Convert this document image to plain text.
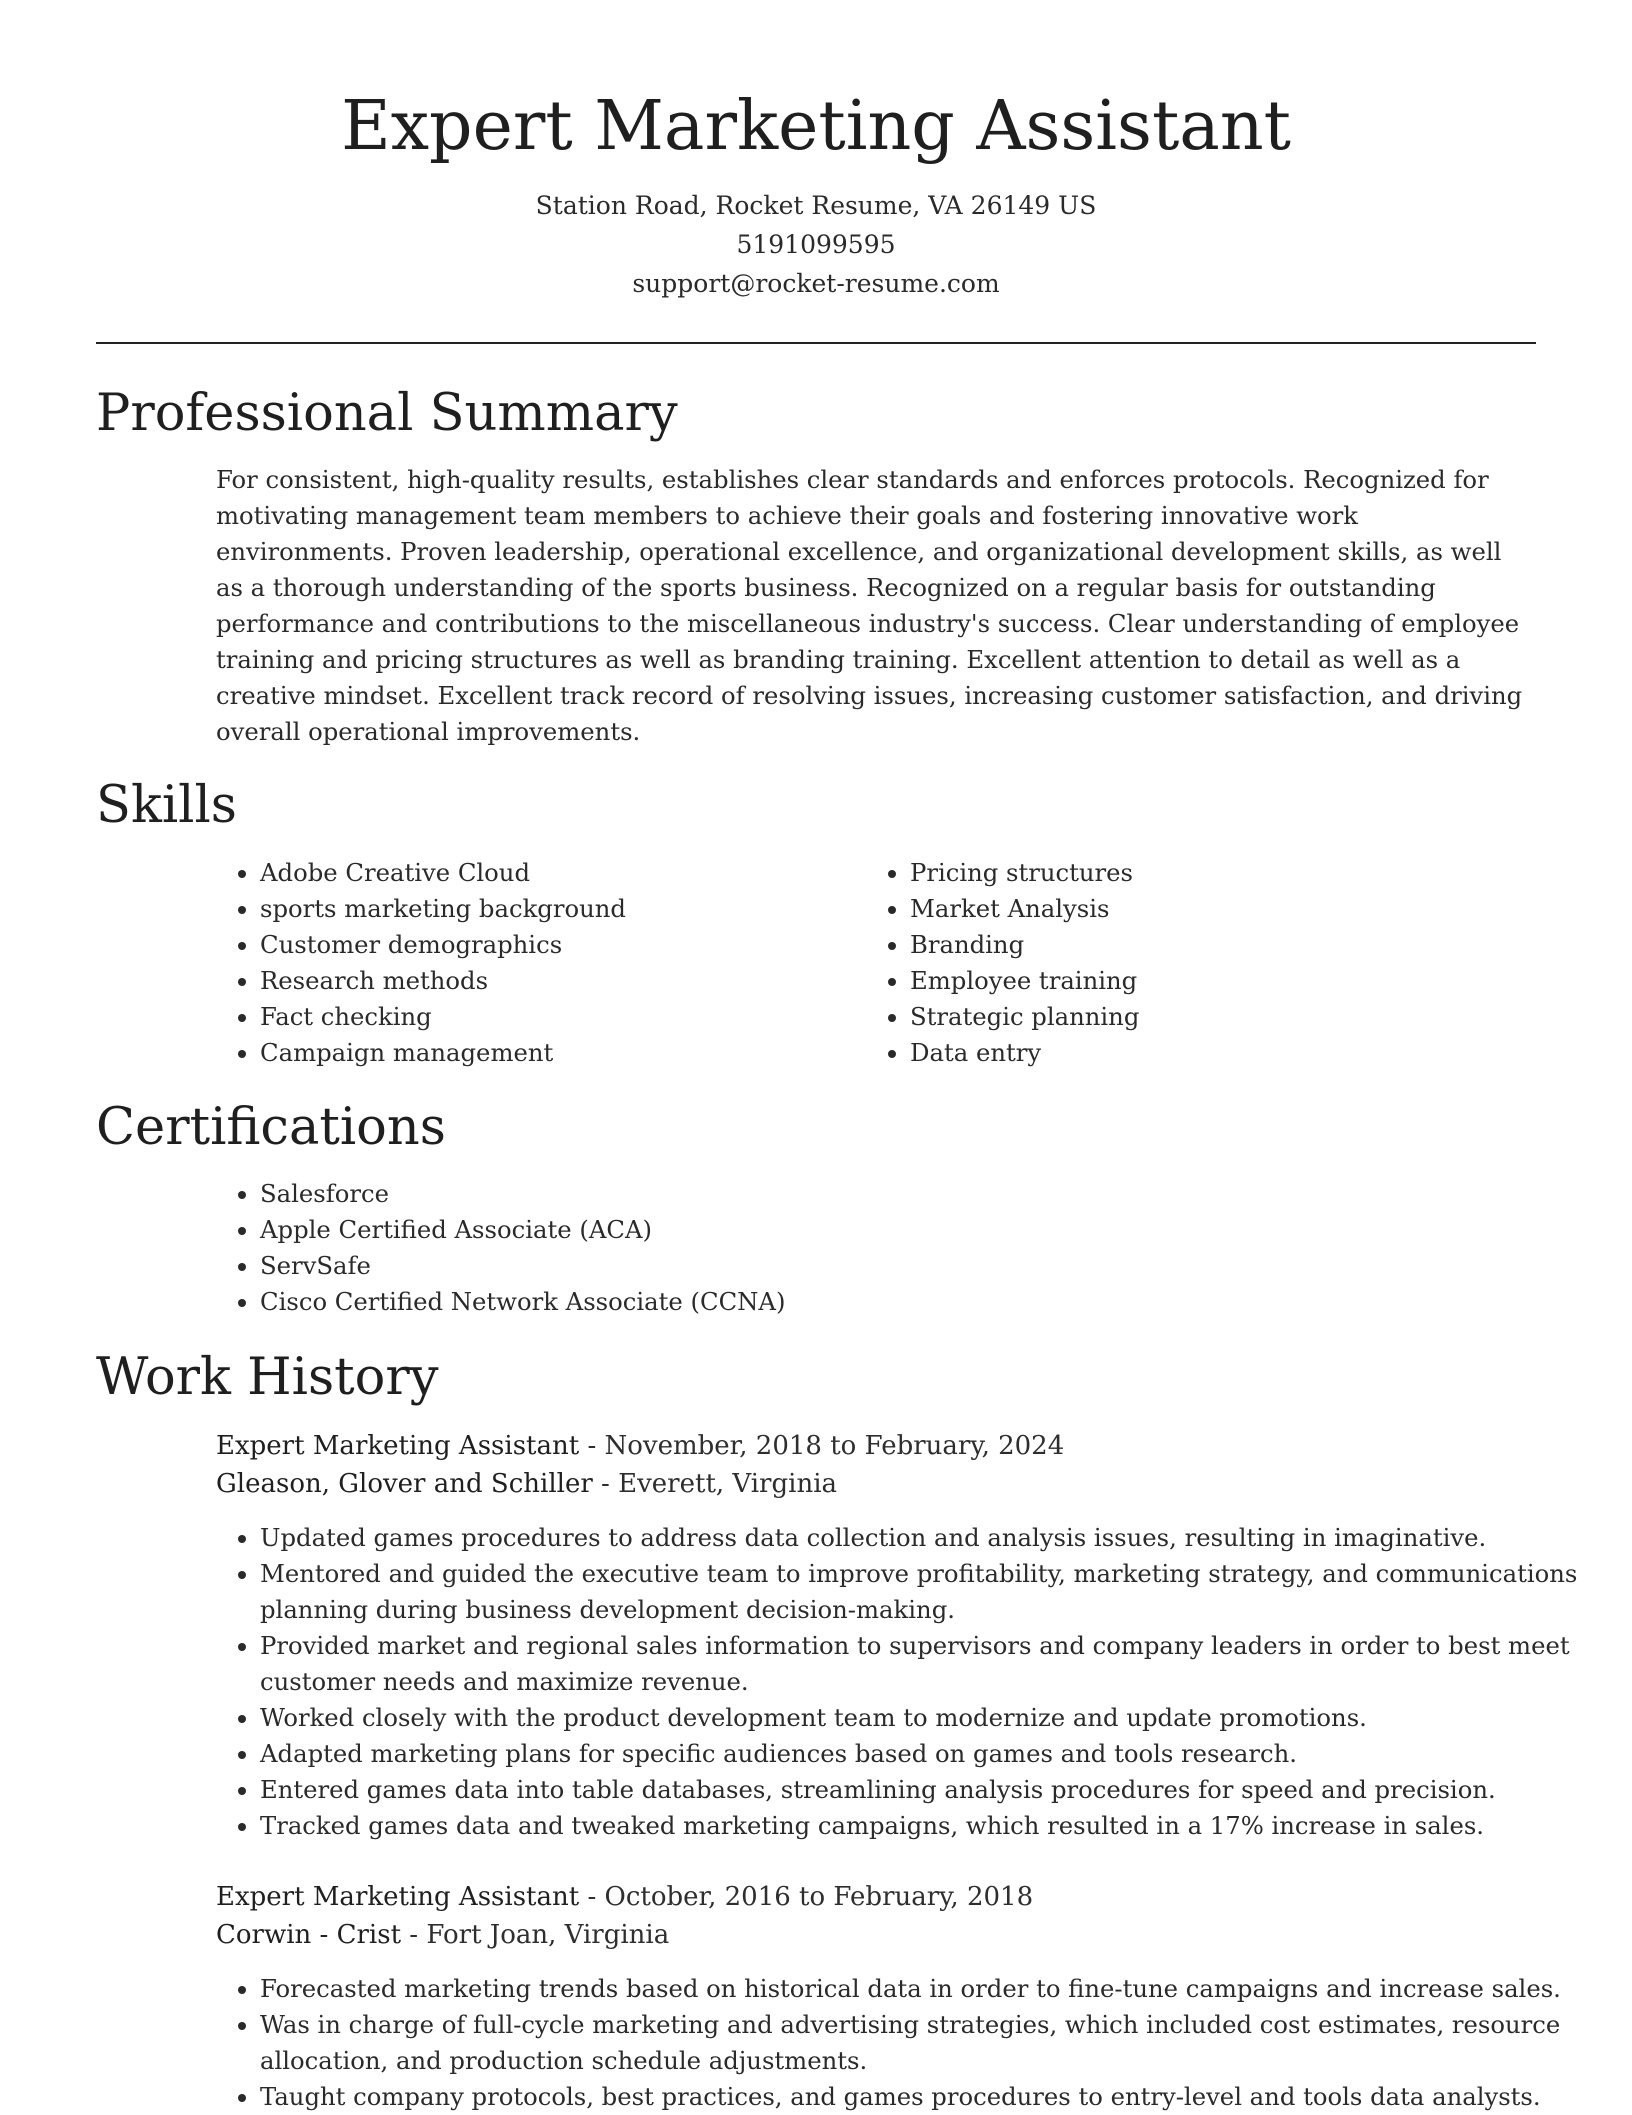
Expert Marketing Assistant
Station Road, Rocket Resume, VA 26149 US
5191099595
support@rocket-resume.com
Professional Summary
For consistent, high-quality results, establishes clear standards and enforces protocols. Recognized for motivating management team members to achieve their goals and fostering innovative work environments. Proven leadership, operational excellence, and organizational development skills, as well as a thorough understanding of the sports business. Recognized on a regular basis for outstanding performance and contributions to the miscellaneous industry's success. Clear understanding of employee training and pricing structures as well as branding training. Excellent attention to detail as well as a creative mindset. Excellent track record of resolving issues, increasing customer satisfaction, and driving overall operational improvements.
Skills
• Adobe Creative Cloud
• sports marketing background
• Customer demographics
• Research methods
• Fact checking
• Campaign management
• Pricing structures
• Market Analysis
• Branding
• Employee training
• Strategic planning
• Data entry
Certifications
• Salesforce
• Apple Certified Associate (ACA)
• ServSafe
• Cisco Certified Network Associate (CCNA)
Work History
Expert Marketing Assistant - November, 2018 to February, 2024
Gleason, Glover and Schiller - Everett, Virginia
• Updated games procedures to address data collection and analysis issues, resulting in imaginative.
• Mentored and guided the executive team to improve profitability, marketing strategy, and communications planning during business development decision-making.
• Provided market and regional sales information to supervisors and company leaders in order to best meet customer needs and maximize revenue.
• Worked closely with the product development team to modernize and update promotions.
• Adapted marketing plans for specific audiences based on games and tools research.
• Entered games data into table databases, streamlining analysis procedures for speed and precision.
• Tracked games data and tweaked marketing campaigns, which resulted in a 17% increase in sales.
Expert Marketing Assistant - October, 2016 to February, 2018
Corwin - Crist - Fort Joan, Virginia
• Forecasted marketing trends based on historical data in order to fine-tune campaigns and increase sales.
• Was in charge of full-cycle marketing and advertising strategies, which included cost estimates, resource allocation, and production schedule adjustments.
• Taught company protocols, best practices, and games procedures to entry-level and tools data analysts.
